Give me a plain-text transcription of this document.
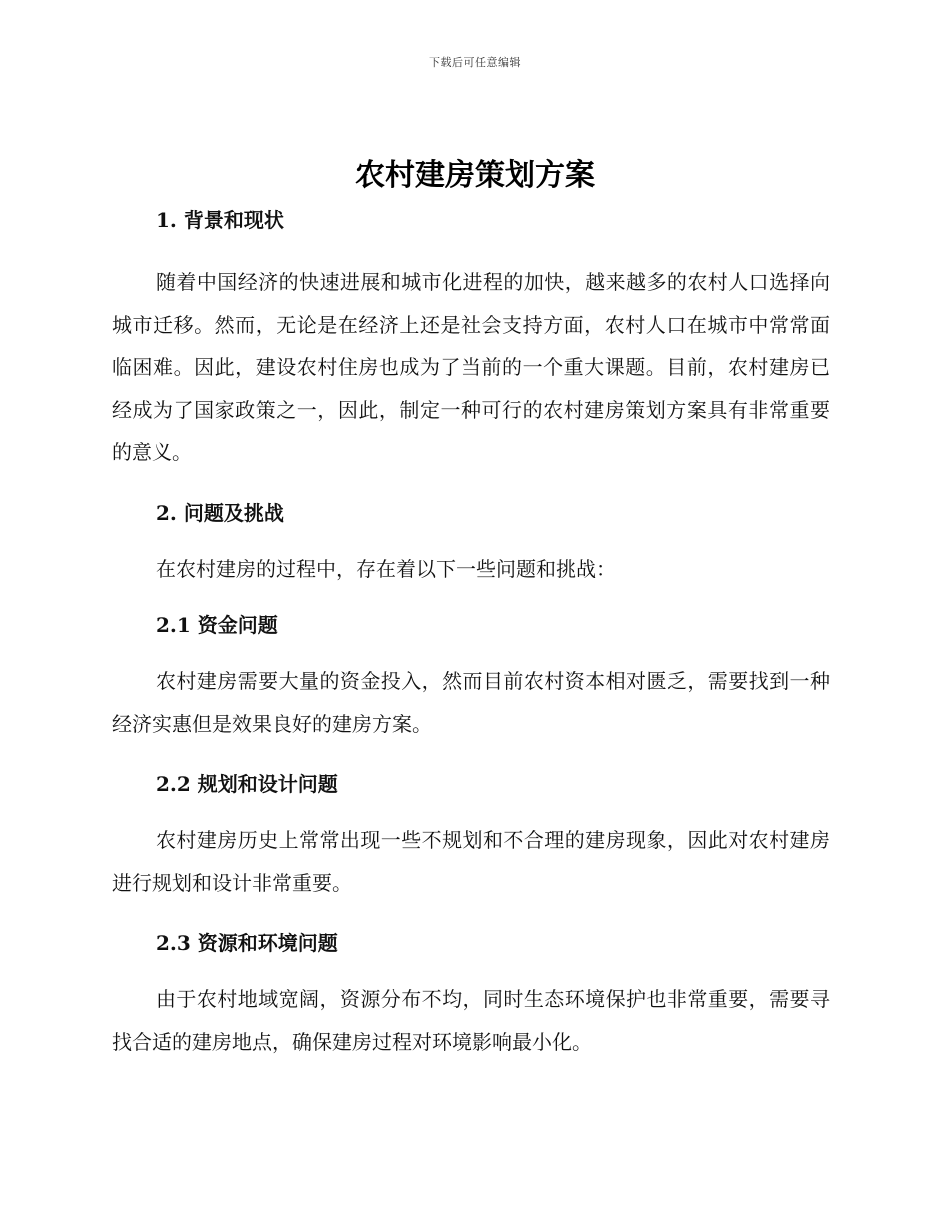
下载后可任意编辑
农村建房策划方案
1. 背景和现状

随着中国经济的快速进展和城市化进程的加快，越来越多的农村人口选择向城市迁移。然而，无论是在经济上还是社会支持方面，农村人口在城市中常常面临困难。因此，建设农村住房也成为了当前的一个重大课题。目前，农村建房已经成为了国家政策之一，因此，制定一种可行的农村建房策划方案具有非常重要的意义。

2. 问题及挑战

在农村建房的过程中，存在着以下一些问题和挑战：

2.1 资金问题

农村建房需要大量的资金投入，然而目前农村资本相对匮乏，需要找到一种经济实惠但是效果良好的建房方案。

2.2 规划和设计问题

农村建房历史上常常出现一些不规划和不合理的建房现象，因此对农村建房进行规划和设计非常重要。

2.3 资源和环境问题

由于农村地域宽阔，资源分布不均，同时生态环境保护也非常重要，需要寻找合适的建房地点，确保建房过程对环境影响最小化。
